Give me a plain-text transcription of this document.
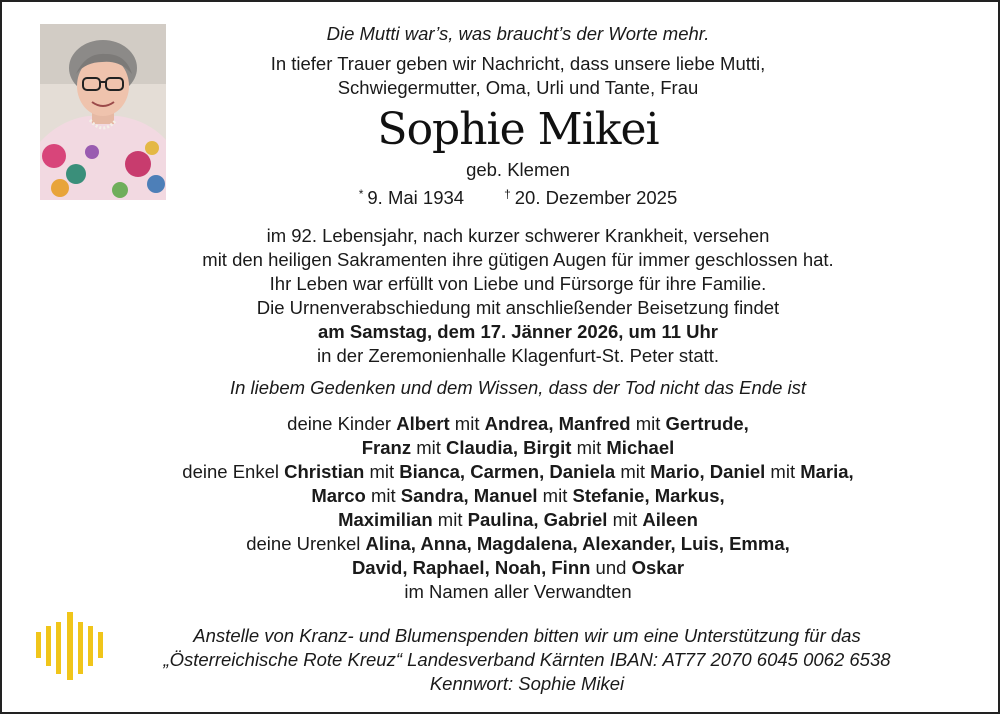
Die Mutti war’s, was braucht’s der Worte mehr.
In tiefer Trauer geben wir Nachricht, dass unsere liebe Mutti,
Schwiegermutter, Oma, Urli und Tante, Frau
Sophie Mikei
geb. Klemen
* 9. Mai 1934	† 20. Dezember 2025
im 92. Lebensjahr, nach kurzer schwerer Krankheit, versehen
mit den heiligen Sakramenten ihre gütigen Augen für immer geschlossen hat.
Ihr Leben war erfüllt von Liebe und Fürsorge für ihre Familie.
Die Urnenverabschiedung mit anschließender Beisetzung findet
am Samstag, dem 17. Jänner 2026, um 11 Uhr
in der Zeremonienhalle Klagenfurt-St. Peter statt.
In liebem Gedenken und dem Wissen, dass der Tod nicht das Ende ist
deine Kinder Albert mit Andrea, Manfred mit Gertrude,
Franz mit Claudia, Birgit mit Michael
deine Enkel Christian mit Bianca, Carmen, Daniela mit Mario, Daniel mit Maria,
Marco mit Sandra, Manuel mit Stefanie, Markus,
Maximilian mit Paulina, Gabriel mit Aileen
deine Urenkel Alina, Anna, Magdalena, Alexander, Luis, Emma,
David, Raphael, Noah, Finn und Oskar
im Namen aller Verwandten
Anstelle von Kranz- und Blumenspenden bitten wir um eine Unterstützung für das
„Österreichische Rote Kreuz“ Landesverband Kärnten IBAN: AT77 2070 6045 0062 6538
Kennwort: Sophie Mikei
